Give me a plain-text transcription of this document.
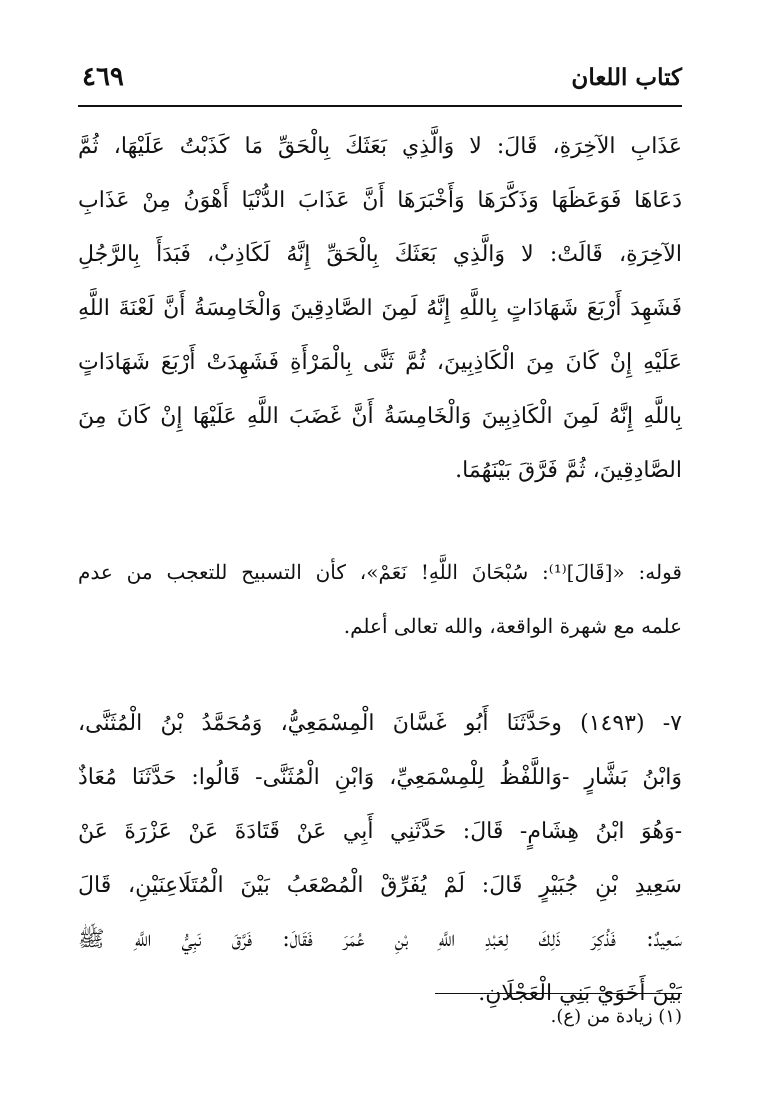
كتاب اللعان
٤٦٩
عَذَابِ الآخِرَةِ، قَالَ: لا وَالَّذِي بَعَثَكَ بِالْحَقِّ مَا كَذَبْتُ عَلَيْهَا، ثُمَّ
دَعَاهَا فَوَعَظَهَا وَذَكَّرَهَا وَأَخْبَرَهَا أَنَّ عَذَابَ الدُّنْيَا أَهْوَنُ مِنْ عَذَابِ
الآخِرَةِ، قَالَتْ: لا وَالَّذِي بَعَثَكَ بِالْحَقِّ إِنَّهُ لَكَاذِبٌ، فَبَدَأَ بِالرَّجُلِ
فَشَهِدَ أَرْبَعَ شَهَادَاتٍ بِاللَّهِ إِنَّهُ لَمِنَ الصَّادِقِينَ وَالْخَامِسَةُ أَنَّ لَعْنَةَ اللَّهِ
عَلَيْهِ إِنْ كَانَ مِنَ الْكَاذِبِينَ، ثُمَّ ثَنَّى بِالْمَرْأَةِ فَشَهِدَتْ أَرْبَعَ شَهَادَاتٍ
بِاللَّهِ إِنَّهُ لَمِنَ الْكَاذِبِينَ وَالْخَامِسَةُ أَنَّ غَضَبَ اللَّهِ عَلَيْهَا إِنْ كَانَ مِنَ
الصَّادِقِينَ، ثُمَّ فَرَّقَ بَيْنَهُمَا.
قوله: «[قَالَ]⁽¹⁾: سُبْحَانَ اللَّهِ! نَعَمْ»، كأن التسبيح للتعجب من عدم
علمه مع شهرة الواقعة، والله تعالى أعلم.
٧- (١٤٩٣) وحَدَّثَنَا أَبُو غَسَّانَ الْمِسْمَعِيُّ، وَمُحَمَّدُ بْنُ الْمُثَنَّى،
وَابْنُ بَشَّارٍ -وَاللَّفْظُ لِلْمِسْمَعِيِّ، وَابْنِ الْمُثَنَّى- قَالُوا: حَدَّثَنَا مُعَاذٌ
-وَهُوَ ابْنُ هِشَامٍ- قَالَ: حَدَّثَنِي أَبِي عَنْ قَتَادَةَ عَنْ عَزْرَةَ عَنْ
سَعِيدِ بْنِ جُبَيْرٍ قَالَ: لَمْ يُفَرِّقْ الْمُصْعَبُ بَيْنَ الْمُتَلَاعِنَيْنِ، قَالَ
سَعِيدٌ: فَذُكِرَ ذَلِكَ لِعَبْدِ اللَّهِ بْنِ عُمَرَ فَقَالَ: فَرَّقَ نَبِيُّ اللَّهِ ﷺ
بَيْنَ أَخَوَيْ بَنِي الْعَجْلَانِ.
(١) زيادة من (ع).
